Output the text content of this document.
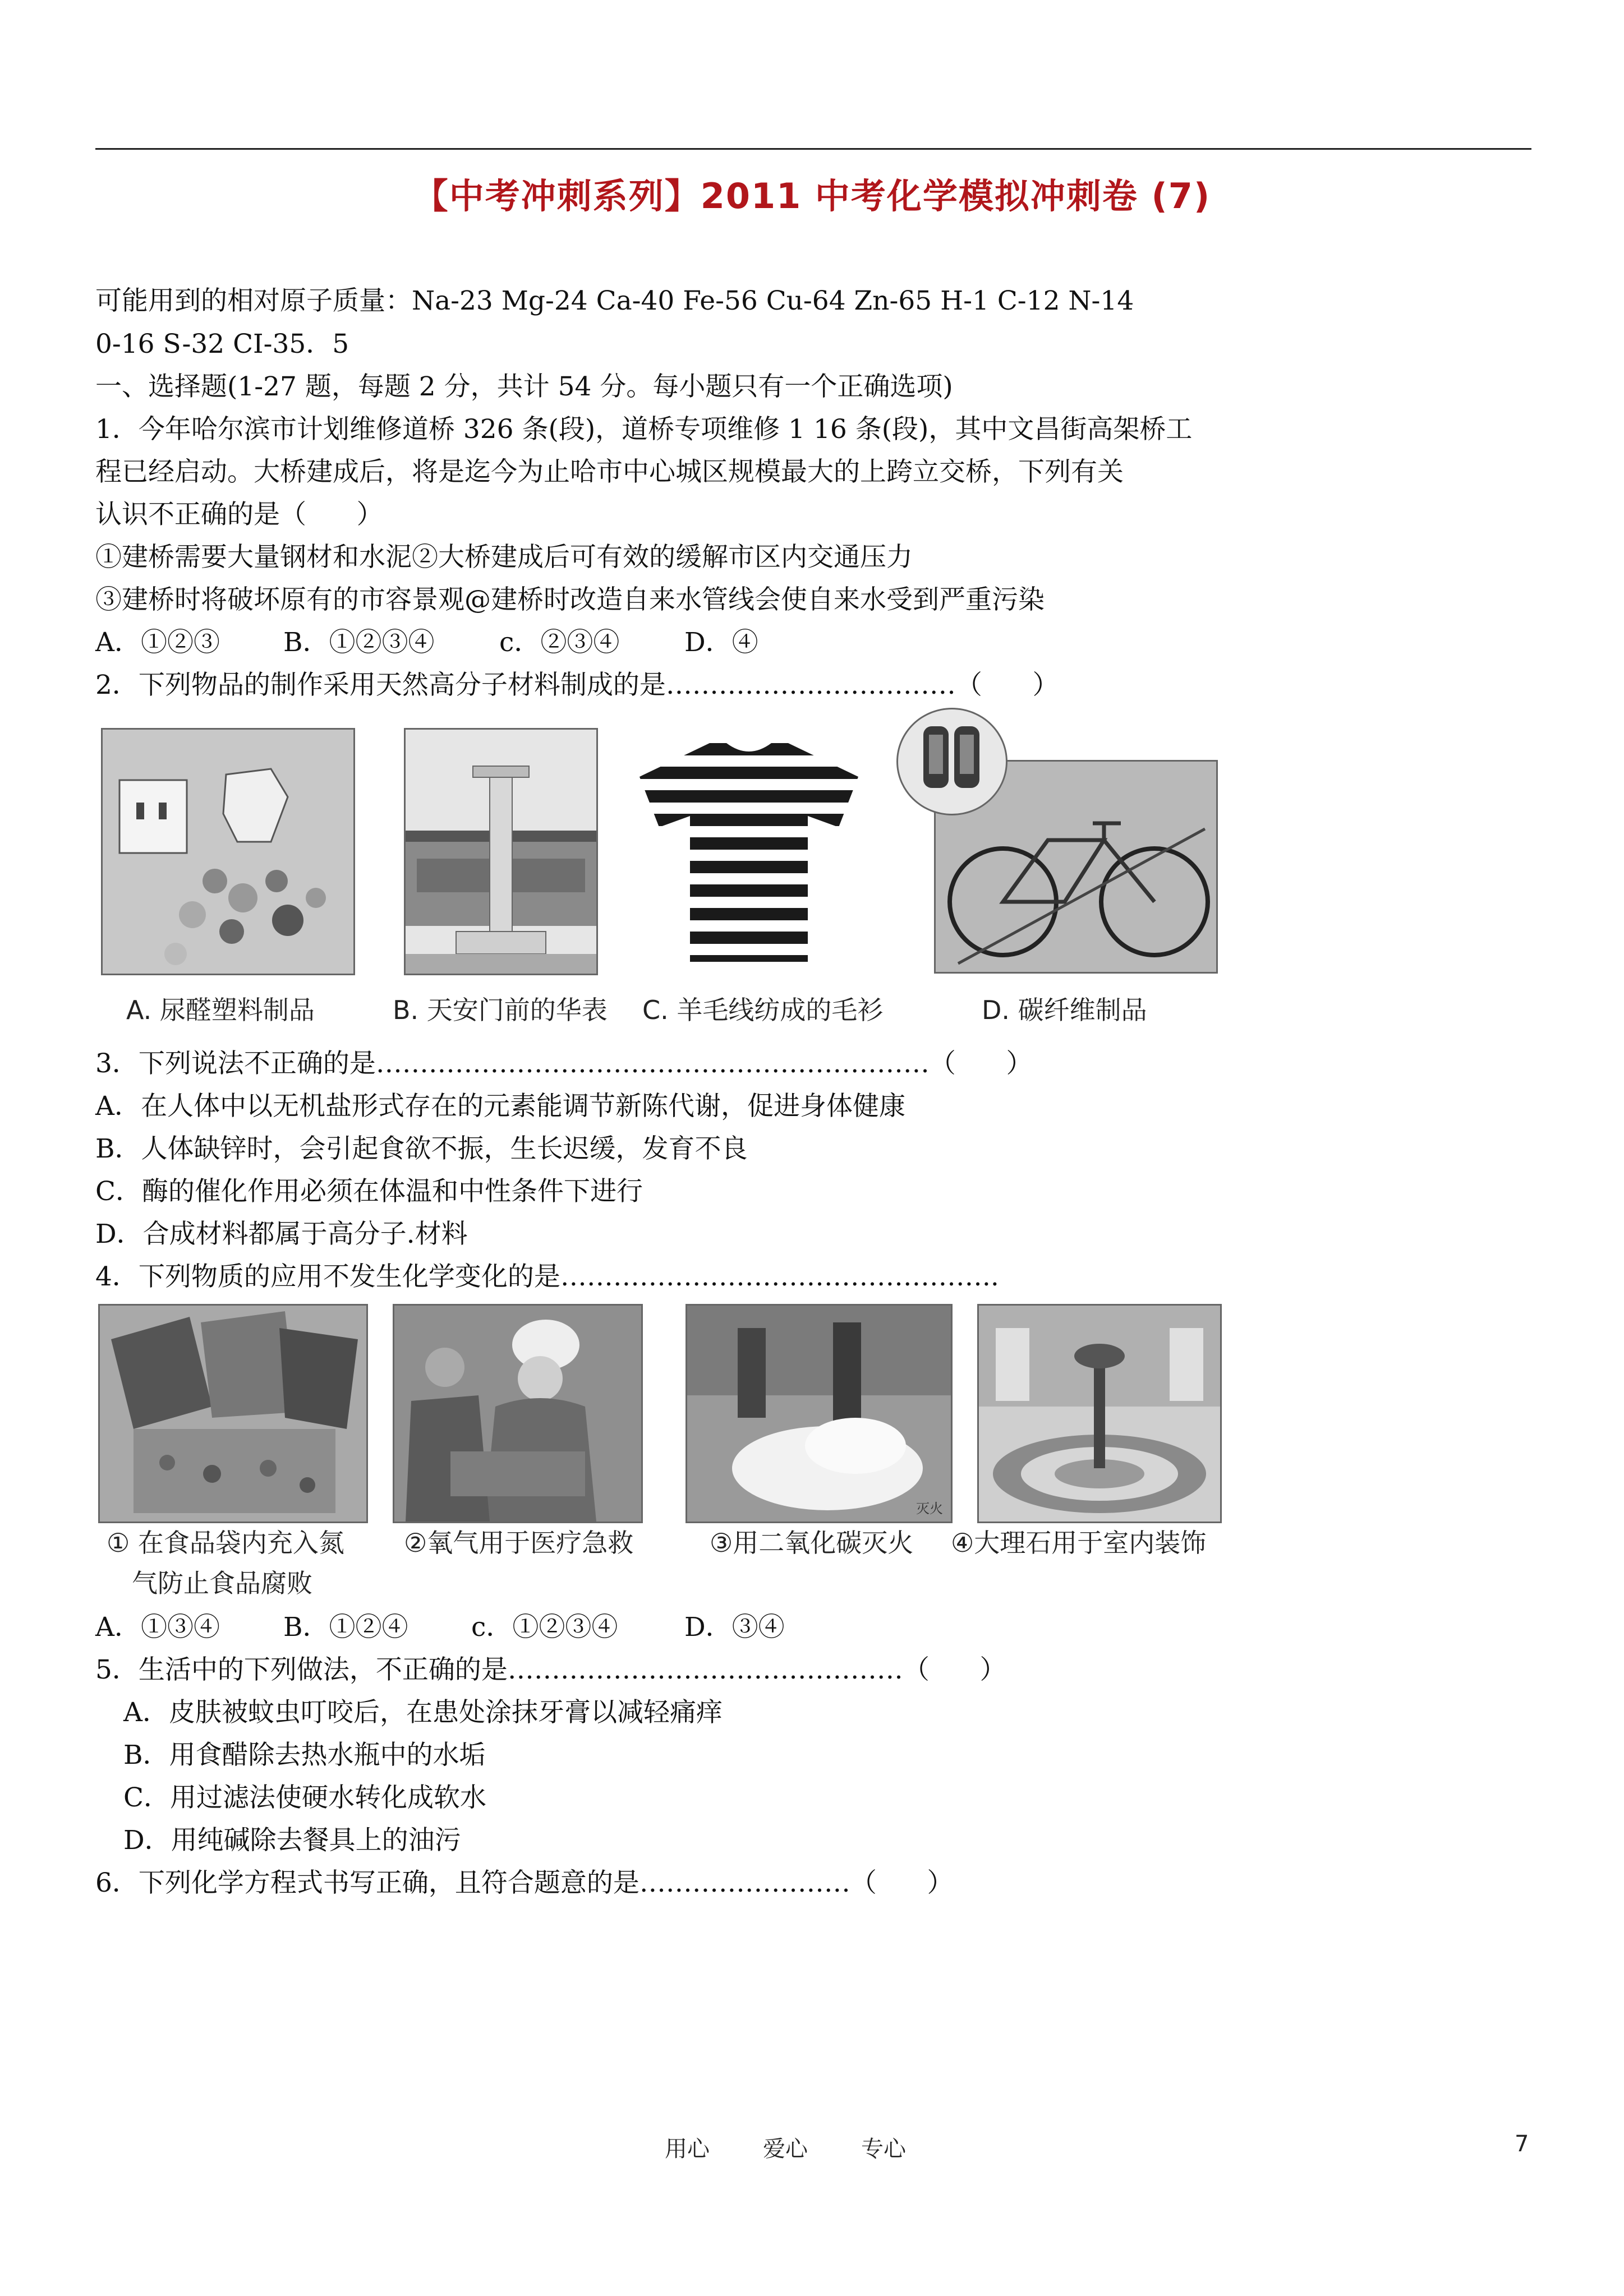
【中考冲刺系列】2011 中考化学模拟冲刺卷 (7)
可能用到的相对原子质量：Na-23 Mg-24 Ca-40 Fe-56 Cu-64 Zn-65 H-1 C-12 N-14
0-16 S-32 CI-35．5
一、选择题(1-27 题，每题 2 分，共计 54 分。每小题只有一个正确选项)
1．今年哈尔滨市计划维修道桥 326 条(段)，道桥专项维修 1 16 条(段)，其中文昌街高架桥工
程已经启动。大桥建成后，将是迄今为止哈市中心城区规模最大的上跨立交桥，下列有关
认识不正确的是（      ）
①建桥需要大量钢材和水泥②大桥建成后可有效的缓解市区内交通压力
③建桥时将破坏原有的市容景观@建桥时改造自来水管线会使自来水受到严重污染
A．①②③ B．①②③④ c．②③④ D．④
2．下列物品的制作采用天然高分子材料制成的是……………………………（      ）
A. 尿醛塑料制品	B. 天安门前的华表 C. 羊毛线纺成的毛衫	D. 碳纤维制品
3．下列说法不正确的是………………………………………………………（      ）
A．在人体中以无机盐形式存在的元素能调节新陈代谢，促进身体健康
B．人体缺锌时，会引起食欲不振，生长迟缓，发育不良
C．酶的催化作用必须在体温和中性条件下进行
D．合成材料都属于高分子.材料
4．下列物质的应用不发生化学变化的是…………………………………………..
灭火
① 在食品袋内充入氮
气防止食品腐败
②氧气用于医疗急救	③用二氧化碳灭火 ④大理石用于室内装饰
A．①③④ B．①②④ c．①②③④	D．③④
5．生活中的下列做法，不正确的是………………………………………（      ）
A．皮肤被蚊虫叮咬后，在患处涂抹牙膏以减轻痛痒
B．用食醋除去热水瓶中的水垢
C．用过滤法使硬水转化成软水
D．用纯碱除去餐具上的油污
6．下列化学方程式书写正确，且符合题意的是……………………（      ）
用心 爱心 专心	7
